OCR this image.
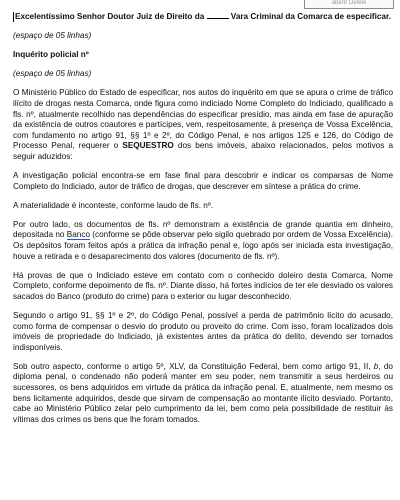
abertr Delete

Excelentíssimo Senhor Doutor Juiz de Direito da	Vara Criminal da Comarca de especificar.

(espaço de 05 linhas)

Inquérito policial nº

(espaço de 05 linhas)

O Ministério Público do Estado de especificar, nos autos do inquérito em que se apura o crime de tráfico ilícito de drogas nesta Comarca, onde figura como indiciado Nome Completo do Indiciado, qualificado a fls. nº, atualmente recolhido nas dependências do especificar presídio, mas ainda em fase de apuração da existência de outros coautores e partícipes, vem, respeitosamente, à presença de Vossa Excelência, com fundamento no artigo 91, §§ 1º e 2º, do Código Penal, e nos artigos 125 e 126, do Código de Processo Penal, requerer o SEQUESTRO dos bens imóveis, abaixo relacionados, pelos motivos a seguir aduzidos:

A investigação policial encontra-se em fase final para descobrir e indicar os comparsas de Nome Completo do Indiciado, autor de tráfico de drogas, que descrever em síntese a prática do crime.

A materialidade é inconteste, conforme laudo de fls. nº.

Por outro lado, os documentos de fls. nº demonstram a existência de grande quantia em dinheiro, depositada no Banco (conforme se pôde observar pelo sigilo quebrado por ordem de Vossa Excelência). Os depósitos foram feitos após a prática da infração penal e, logo após ser iniciada esta investigação, houve a retirada e o desaparecimento dos valores (documento de fls. nº).

Há provas de que o Indiciado esteve em contato com o conhecido doleiro desta Comarca, Nome Completo, conforme depoimento de fls. nº. Diante disso, há fortes indícios de ter ele desviado os valores sacados do Banco (produto do crime) para o exterior ou lugar desconhecido.

Segundo o artigo 91, §§ 1º e 2º, do Código Penal, possível a perda de patrimônio lícito do acusado, como forma de compensar o desvio do produto ou proveito do crime. Com isso, foram localizados dois imóveis de propriedade do Indiciado, já existentes antes da prática do delito, devendo ser tornados indisponíveis.

Sob outro aspecto, conforme o artigo 5º, XLV, da Constituição Federal, bem como artigo 91, II, b, do diploma penal, o condenado não poderá manter em seu poder, nem transmitir a seus herdeiros ou sucessores, os bens adquiridos em virtude da prática da infração penal. E, atualmente, nem mesmo os bens licitamente adquiridos, desde que sirvam de compensação ao montante ilícito desviado. Portanto, cabe ao Ministério Público zelar pelo cumprimento da lei, bem como pela possibilidade de restituir às vítimas dos crimes os bens que lhe foram tomados.
